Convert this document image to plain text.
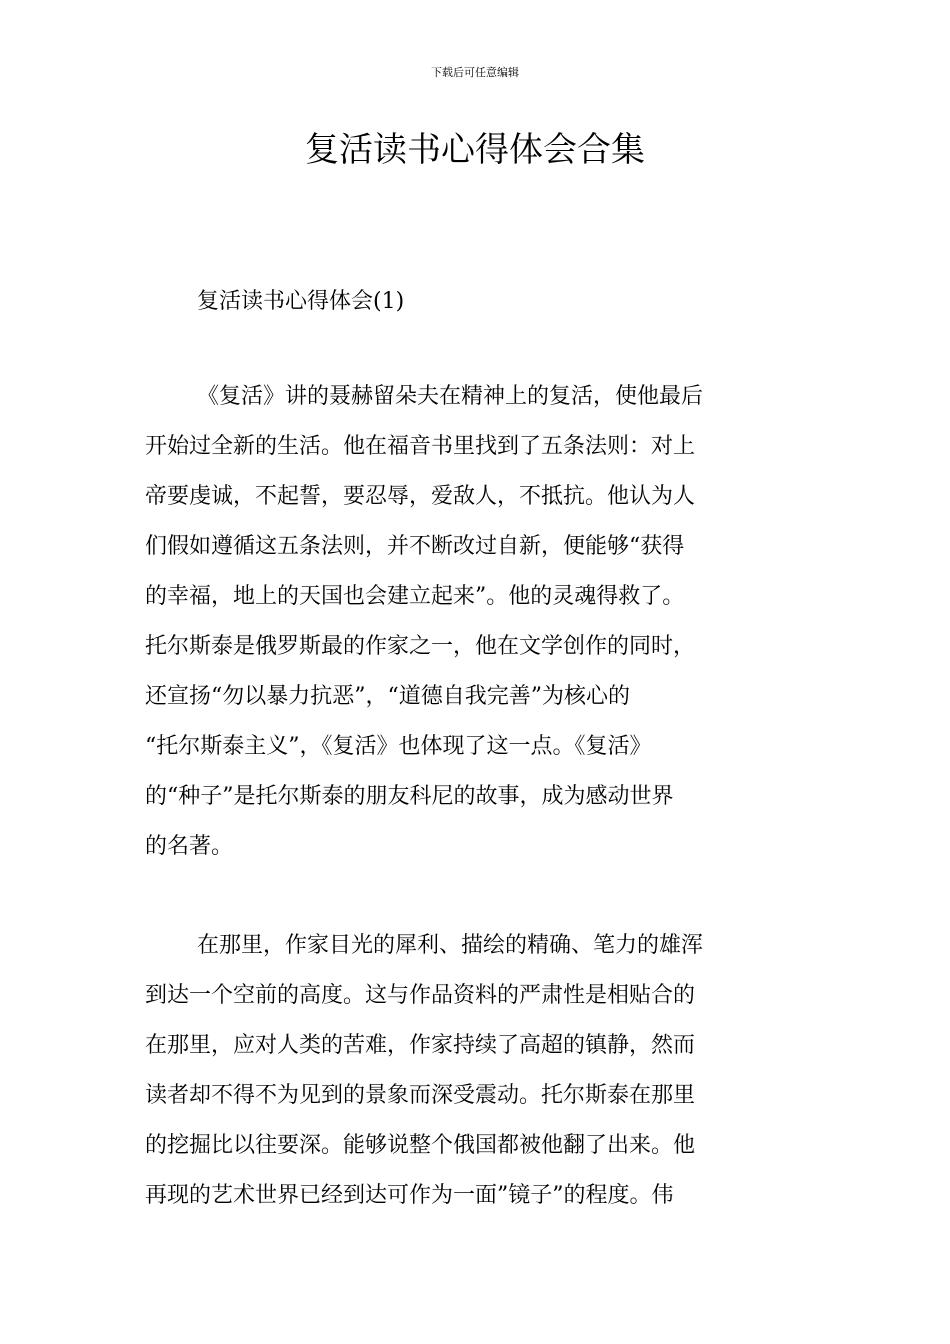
下载后可任意编辑
复活读书心得体会合集

复活读书心得体会(1)

《复活》讲的聂赫留朵夫在精神上的复活，使他最后
开始过全新的生活。他在福音书里找到了五条法则：对上
帝要虔诚，不起誓，要忍辱，爱敌人，不抵抗。他认为人
们假如遵循这五条法则，并不断改过自新，便能够“获得
的幸福，地上的天国也会建立起来”。他的灵魂得救了。
托尔斯泰是俄罗斯最的作家之一，他在文学创作的同时，
还宣扬“勿以暴力抗恶”，“道德自我完善”为核心的
“托尔斯泰主义”，《复活》也体现了这一点。《复活》
的“种子”是托尔斯泰的朋友科尼的故事，成为感动世界
的名著。

在那里，作家目光的犀利、描绘的精确、笔力的雄浑
到达一个空前的高度。这与作品资料的严肃性是相贴合的
在那里，应对人类的苦难，作家持续了高超的镇静，然而
读者却不得不为见到的景象而深受震动。托尔斯泰在那里
的挖掘比以往要深。能够说整个俄国都被他翻了出来。他
再现的艺术世界已经到达可作为一面”镜子”的程度。伟
